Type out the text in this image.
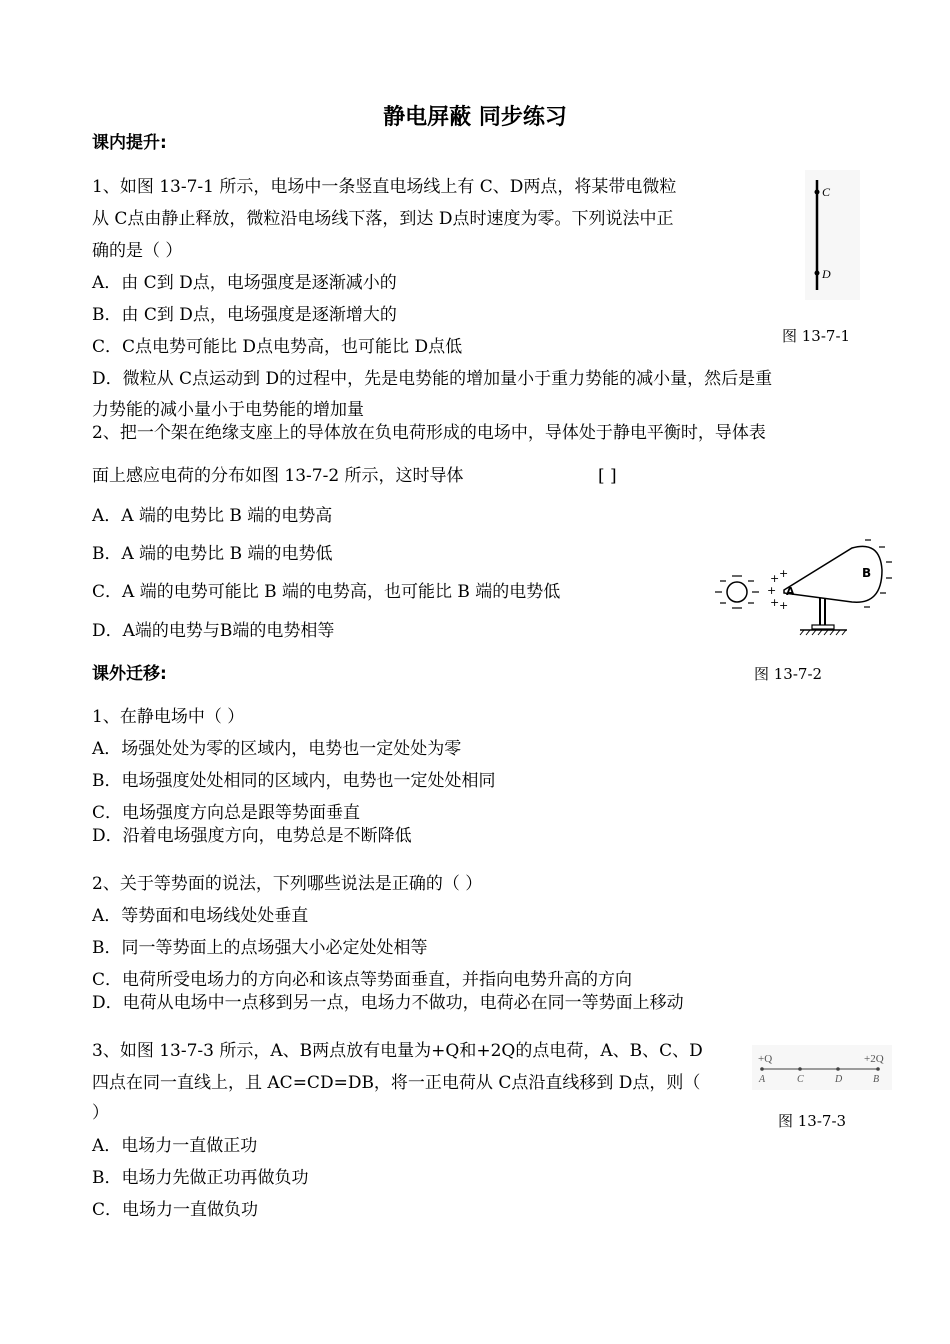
静电屏蔽 同步练习
课内提升:
1、如图 13-7-1 所示，电场中一条竖直电场线上有 C、D两点，将某带电微粒
从 C点由静止释放，微粒沿电场线下落，到达 D点时速度为零。下列说法中正
确的是（ ）
A．由 C到 D点，电场强度是逐渐减小的
B．由 C到 D点，电场强度是逐渐增大的
C．C点电势可能比 D点电势高，也可能比 D点低
D．微粒从 C点运动到 D的过程中，先是电势能的增加量小于重力势能的减小量，然后是重
力势能的减小量小于电势能的增加量
C
D
图 13-7-1
2、把一个架在绝缘支座上的导体放在负电荷形成的电场中，导体处于静电平衡时，导体表
面上感应电荷的分布如图 13-7-2 所示，这时导体	[ ]
A．A 端的电势比 B 端的电势高
B．A 端的电势比 B 端的电势低
C．A 端的电势可能比 B 端的电势高，也可能比 B 端的电势低
D．A端的电势与B端的电势相等
+ +
+
+ +
A
B
图 13-7-2
课外迁移:
1、在静电场中（ ）
A．场强处处为零的区域内，电势也一定处处为零
B．电场强度处处相同的区域内，电势也一定处处相同
C．电场强度方向总是跟等势面垂直
D．沿着电场强度方向，电势总是不断降低
2、关于等势面的说法，下列哪些说法是正确的（ ）
A．等势面和电场线处处垂直
B．同一等势面上的点场强大小必定处处相等
C．电荷所受电场力的方向必和该点等势面垂直，并指向电势升高的方向
D．电荷从电场中一点移到另一点，电场力不做功，电荷必在同一等势面上移动
3、如图 13-7-3 所示，A、B两点放有电量为+Q和+2Q的点电荷，A、B、C、D
四点在同一直线上，且 AC=CD=DB，将一正电荷从 C点沿直线移到 D点，则（
）
A．电场力一直做正功
B．电场力先做正功再做负功
C．电场力一直做负功
+Q	+2Q
A	C	D	B
图 13-7-3
